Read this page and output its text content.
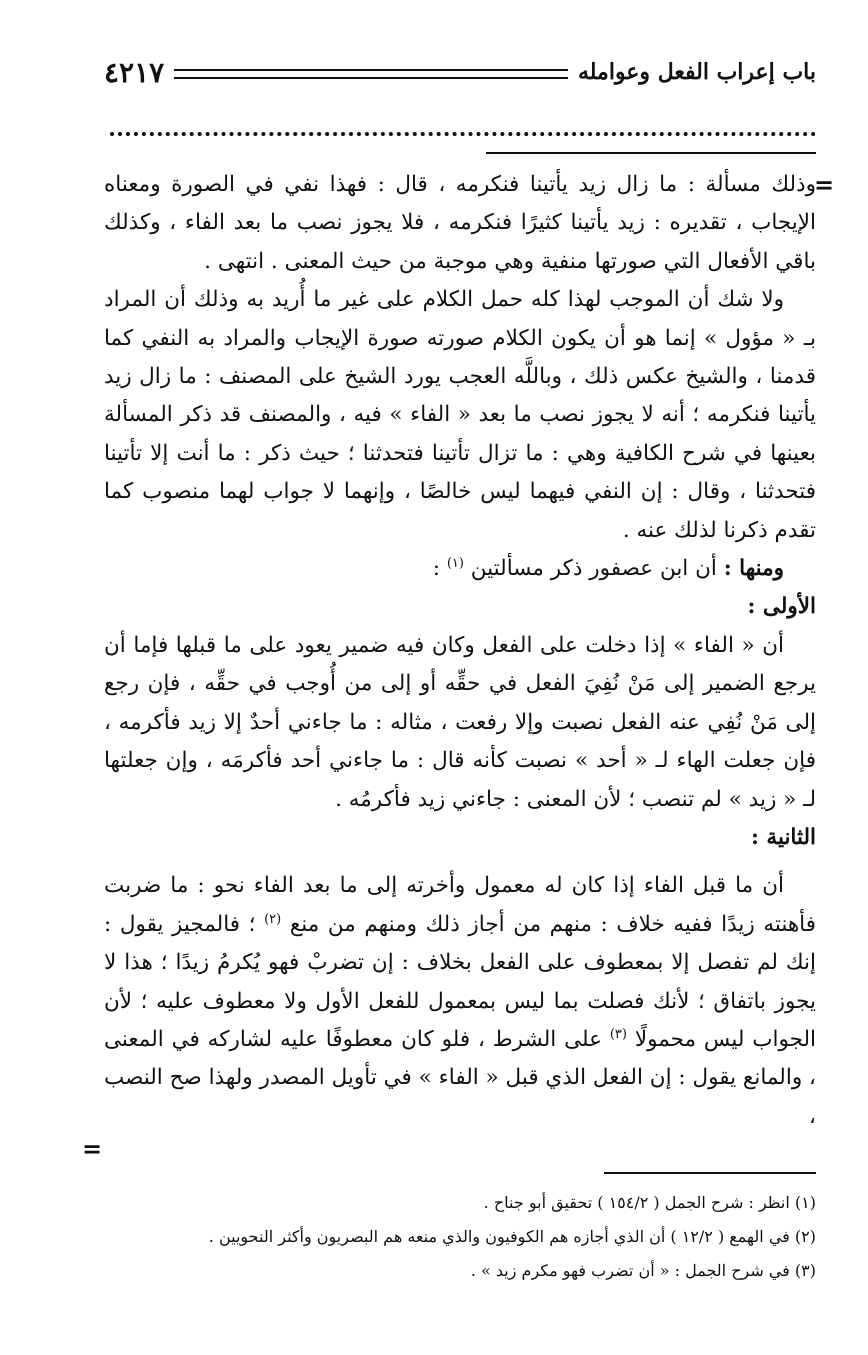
باب إعراب الفعل وعوامله
٤٢١٧
=
=

وذلك مسألة : ما زال زيد يأتينا فنكرمه ، قال : فهذا نفي في الصورة ومعناه الإيجاب ، تقديره : زيد يأتينا كثيرًا فنكرمه ، فلا يجوز نصب ما بعد الفاء ، وكذلك باقي الأفعال التي صورتها منفية وهي موجبة من حيث المعنى . انتهى .

ولا شك أن الموجب لهذا كله حمل الكلام على غير ما أُريد به وذلك أن المراد بـ « مؤول » إنما هو أن يكون الكلام صورته صورة الإيجاب والمراد به النفي كما قدمنا ، والشيخ عكس ذلك ، وباللَّه العجب يورد الشيخ على المصنف : ما زال زيد يأتينا فنكرمه ؛ أنه لا يجوز نصب ما بعد « الفاء » فيه ، والمصنف قد ذكر المسألة بعينها في شرح الكافية وهي : ما تزال تأتينا فتحدثنا ؛ حيث ذكر : ما أنت إلا تأتينا فتحدثنا ، وقال : إن النفي فيهما ليس خالصًا ، وإنهما لا جواب لهما منصوب كما تقدم ذكرنا لذلك عنه .

ومنها : أن ابن عصفور ذكر مسألتين $^{(١)}$ :

الأولى :

أن « الفاء » إذا دخلت على الفعل وكان فيه ضمير يعود على ما قبلها فإما أن يرجع الضمير إلى مَنْ نُفِيَ الفعل في حقِّه أو إلى من أُوجب في حقِّه ، فإن رجع إلى مَنْ نُفِي عنه الفعل نصبت وإلا رفعت ، مثاله : ما جاءني أحدٌ إلا زيد فأكرمه ، فإن جعلت الهاء لـ « أحد » نصبت كأنه قال : ما جاءني أحد فأكرمَه ، وإن جعلتها لـ « زيد » لم تنصب ؛ لأن المعنى : جاءني زيد فأكرمُه .

الثانية :

أن ما قبل الفاء إذا كان له معمول وأخرته إلى ما بعد الفاء نحو : ما ضربت فأهنته زيدًا ففيه خلاف : منهم من أجاز ذلك ومنهم من منع $^{(٢)}$ ؛ فالمجيز يقول : إنك لم تفصل إلا بمعطوف على الفعل بخلاف : إن تضربْ فهو يُكرمُ زيدًا ؛ هذا لا يجوز باتفاق ؛ لأنك فصلت بما ليس بمعمول للفعل الأول ولا معطوف عليه ؛ لأن الجواب ليس محمولًا $^{(٣)}$ على الشرط ، فلو كان معطوفًا عليه لشاركه في المعنى ، والمانع يقول : إن الفعل الذي قبل « الفاء » في تأويل المصدر ولهذا صح النصب ،

(١) انظر : شرح الجمل ( ١٥٤/٢ ) تحقيق أبو جناح .

(٢) في الهمع ( ١٢/٢ ) أن الذي أجازه هم الكوفيون والذي منعه هم البصريون وأكثر النحويين .

(٣) في شرح الجمل : « أن تضرب فهو مكرم زيد » .
